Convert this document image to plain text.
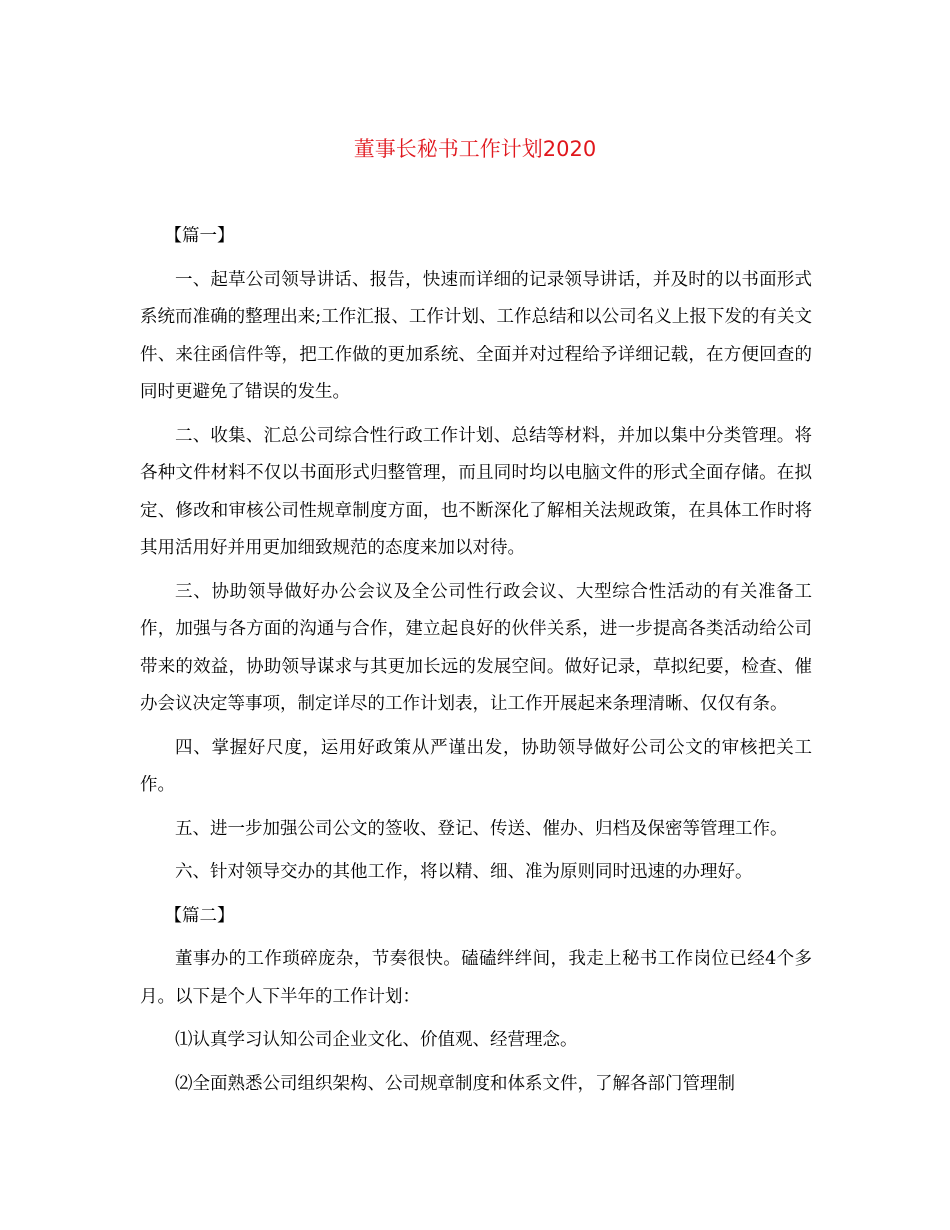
董事长秘书工作计划2020

【篇一】

一、起草公司领导讲话、报告，快速而详细的记录领导讲话，并及时的以书面形式系统而准确的整理出来;工作汇报、工作计划、工作总结和以公司名义上报下发的有关文件、来往函信件等，把工作做的更加系统、全面并对过程给予详细记载，在方便回查的同时更避免了错误的发生。

二、收集、汇总公司综合性行政工作计划、总结等材料，并加以集中分类管理。将各种文件材料不仅以书面形式归整管理，而且同时均以电脑文件的形式全面存储。在拟定、修改和审核公司性规章制度方面，也不断深化了解相关法规政策，在具体工作时将其用活用好并用更加细致规范的态度来加以对待。

三、协助领导做好办公会议及全公司性行政会议、大型综合性活动的有关准备工作，加强与各方面的沟通与合作，建立起良好的伙伴关系，进一步提高各类活动给公司带来的效益，协助领导谋求与其更加长远的发展空间。做好记录，草拟纪要，检查、催办会议决定等事项，制定详尽的工作计划表，让工作开展起来条理清晰、仅仅有条。

四、掌握好尺度，运用好政策从严谨出发，协助领导做好公司公文的审核把关工作。

五、进一步加强公司公文的签收、登记、传送、催办、归档及保密等管理工作。

六、针对领导交办的其他工作，将以精、细、准为原则同时迅速的办理好。

【篇二】

董事办的工作琐碎庞杂，节奏很快。磕磕绊绊间，我走上秘书工作岗位已经4个多月。以下是个人下半年的工作计划：

⑴认真学习认知公司企业文化、价值观、经营理念。

⑵全面熟悉公司组织架构、公司规章制度和体系文件，了解各部门管理制
